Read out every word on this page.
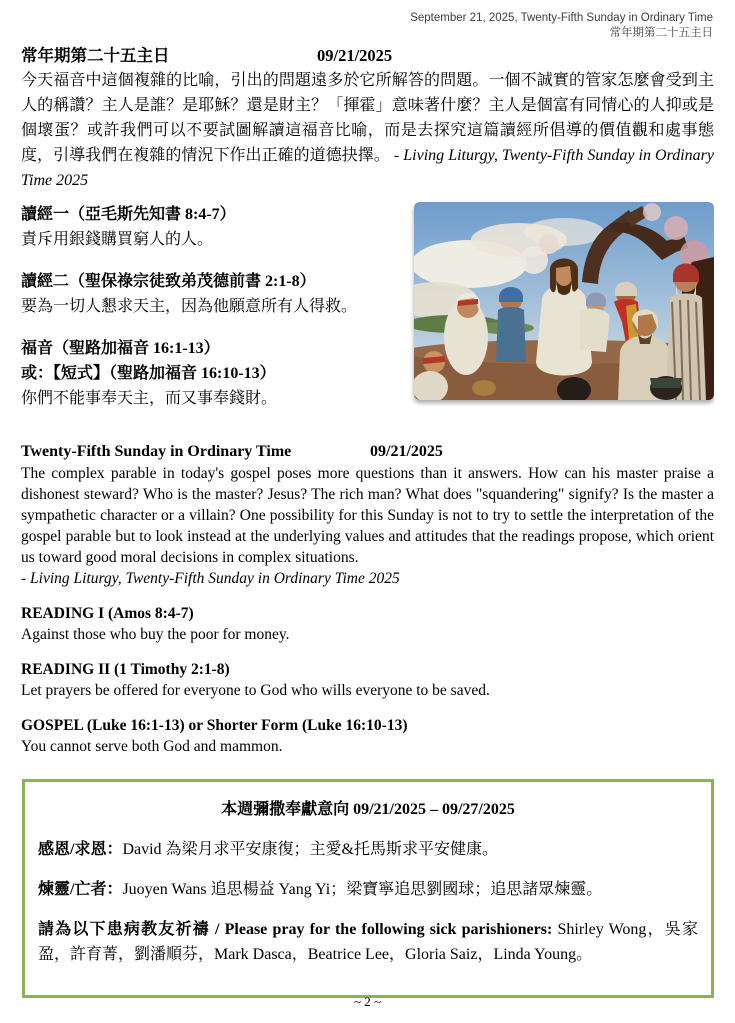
September 21, 2025, Twenty-Fifth Sunday in Ordinary Time
常年期第二十五主日
常年期第二十五主日	09/21/2025

今天福音中這個複雜的比喻，引出的問題遠多於它所解答的問題。一個不誠實的管家怎麼會受到主人的稱讚？主人是誰？是耶穌？還是財主？「揮霍」意味著什麼？主人是個富有同情心的人抑或是個壞蛋？或許我們可以不要試圖解讀這福音比喻，而是去探究這篇讀經所倡導的價值觀和處事態度，引導我們在複雜的情況下作出正確的道德抉擇。 - Living Liturgy, Twenty-Fifth Sunday in Ordinary Time 2025

讀經一（亞毛斯先知書 8:4-7）
責斥用銀錢購買窮人的人。
讀經二（聖保祿宗徒致弟茂德前書 2:1-8）
要為一切人懇求天主，因為他願意所有人得救。
福音（聖路加福音 16:1-13）
或：【短式】（聖路加福音 16:10-13）
你們不能事奉天主，而又事奉錢財。
Twenty-Fifth Sunday in Ordinary Time	09/21/2025

The complex parable in today's gospel poses more questions than it answers. How can his master praise a dishonest steward? Who is the master? Jesus? The rich man? What does "squandering" signify? Is the master a sympathetic character or a villain? One possibility for this Sunday is not to try to settle the interpretation of the gospel parable but to look instead at the underlying values and attitudes that the readings propose, which orient us toward good moral decisions in complex situations.

- Living Liturgy, Twenty-Fifth Sunday in Ordinary Time 2025
READING I (Amos 8:4-7)
Against those who buy the poor for money.
READING II (1 Timothy 2:1-8)
Let prayers be offered for everyone to God who wills everyone to be saved.
GOSPEL (Luke 16:1-13) or Shorter Form (Luke 16:10-13)
You cannot serve both God and mammon.
本週彌撒奉獻意向 09/21/2025 – 09/27/2025

感恩/求恩：David 為梁月求平安康復；主愛&托馬斯求平安健康。

煉靈/亡者：Juoyen Wans 追思楊益 Yang Yi；梁寶寧追思劉國球；追思諸眾煉靈。

請為以下患病教友祈禱 / Please pray for the following sick parishioners: Shirley Wong，吳家盈，許育菁，劉潘順芬，Mark Dasca，Beatrice Lee，Gloria Saiz，Linda Young。

~ 2 ~
